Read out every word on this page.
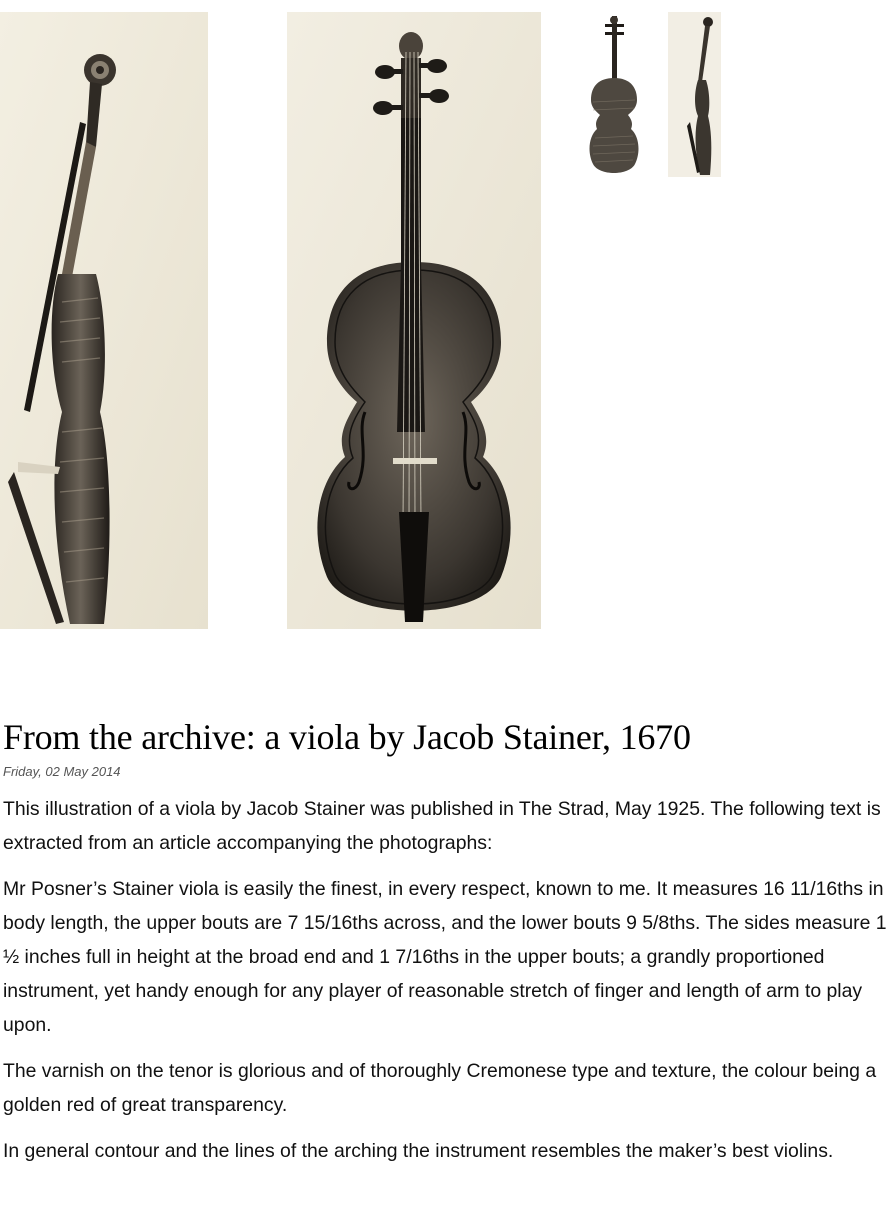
From the archive: a viola by Jacob Stainer, 1670
Friday, 02 May 2014

This illustration of a viola by Jacob Stainer was published in The Strad, May 1925. The following text is extracted from an article accompanying the photographs:

Mr Posner’s Stainer viola is easily the finest, in every respect, known to me. It measures 16 11/16ths in body length, the upper bouts are 7 15/16ths across, and the lower bouts 9 5/8ths. The sides measure 1 ½ inches full in height at the broad end and 1 7/16ths in the upper bouts; a grandly proportioned instrument, yet handy enough for any player of reasonable stretch of finger and length of arm to play upon.

The varnish on the tenor is glorious and of thoroughly Cremonese type and texture, the colour being a golden red of great transparency.

In general contour and the lines of the arching the instrument resembles the maker’s best violins.
